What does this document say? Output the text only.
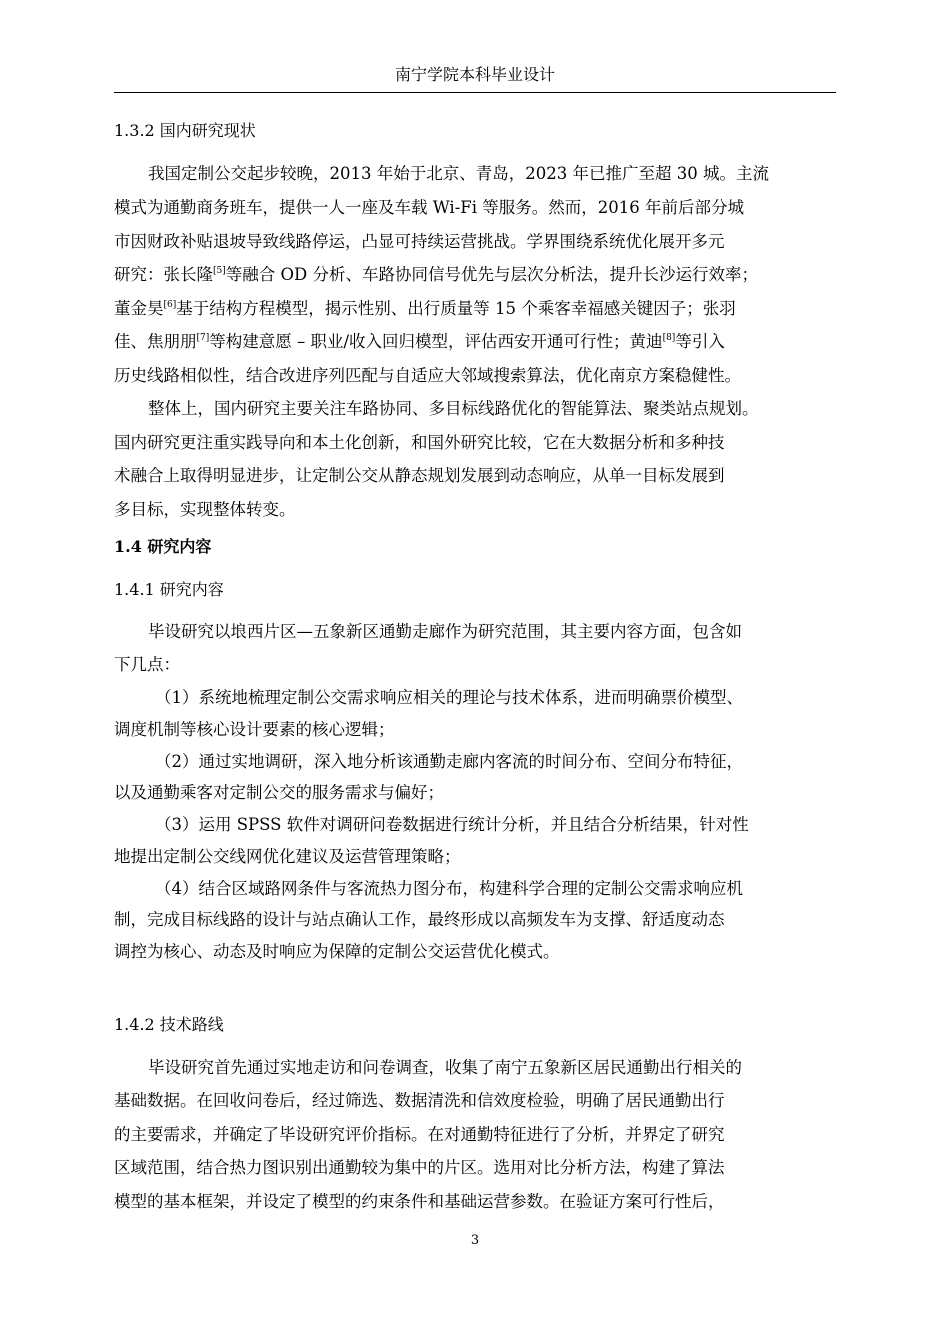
南宁学院本科毕业设计
1.3.2 国内研究现状
我国定制公交起步较晚，2013 年始于北京、青岛，2023 年已推广至超 30 城。主流
模式为通勤商务班车，提供一人一座及车载 Wi-Fi 等服务。然而，2016 年前后部分城
市因财政补贴退坡导致线路停运，凸显可持续运营挑战。学界围绕系统优化展开多元
研究：张长隆[5]等融合 OD 分析、车路协同信号优先与层次分析法，提升长沙运行效率；
董金昊[6]基于结构方程模型，揭示性别、出行质量等 15 个乘客幸福感关键因子；张羽
佳、焦朋朋[7]等构建意愿 – 职业/收入回归模型，评估西安开通可行性；黄迪[8]等引入
历史线路相似性，结合改进序列匹配与自适应大邻域搜索算法，优化南京方案稳健性。
整体上，国内研究主要关注车路协同、多目标线路优化的智能算法、聚类站点规划。
国内研究更注重实践导向和本土化创新，和国外研究比较，它在大数据分析和多种技
术融合上取得明显进步，让定制公交从静态规划发展到动态响应，从单一目标发展到
多目标，实现整体转变。
1.4 研究内容
1.4.1 研究内容
毕设研究以埌西片区—五象新区通勤走廊作为研究范围，其主要内容方面，包含如
下几点：
（1）系统地梳理定制公交需求响应相关的理论与技术体系，进而明确票价模型、
调度机制等核心设计要素的核心逻辑；
（2）通过实地调研，深入地分析该通勤走廊内客流的时间分布、空间分布特征，
以及通勤乘客对定制公交的服务需求与偏好；
（3）运用 SPSS 软件对调研问卷数据进行统计分析，并且结合分析结果，针对性
地提出定制公交线网优化建议及运营管理策略；
（4）结合区域路网条件与客流热力图分布，构建科学合理的定制公交需求响应机
制，完成目标线路的设计与站点确认工作，最终形成以高频发车为支撑、舒适度动态
调控为核心、动态及时响应为保障的定制公交运营优化模式。
1.4.2 技术路线
毕设研究首先通过实地走访和问卷调查，收集了南宁五象新区居民通勤出行相关的
基础数据。在回收问卷后，经过筛选、数据清洗和信效度检验，明确了居民通勤出行
的主要需求，并确定了毕设研究评价指标。在对通勤特征进行了分析，并界定了研究
区域范围，结合热力图识别出通勤较为集中的片区。选用对比分析方法，构建了算法
模型的基本框架，并设定了模型的约束条件和基础运营参数。在验证方案可行性后，
3
